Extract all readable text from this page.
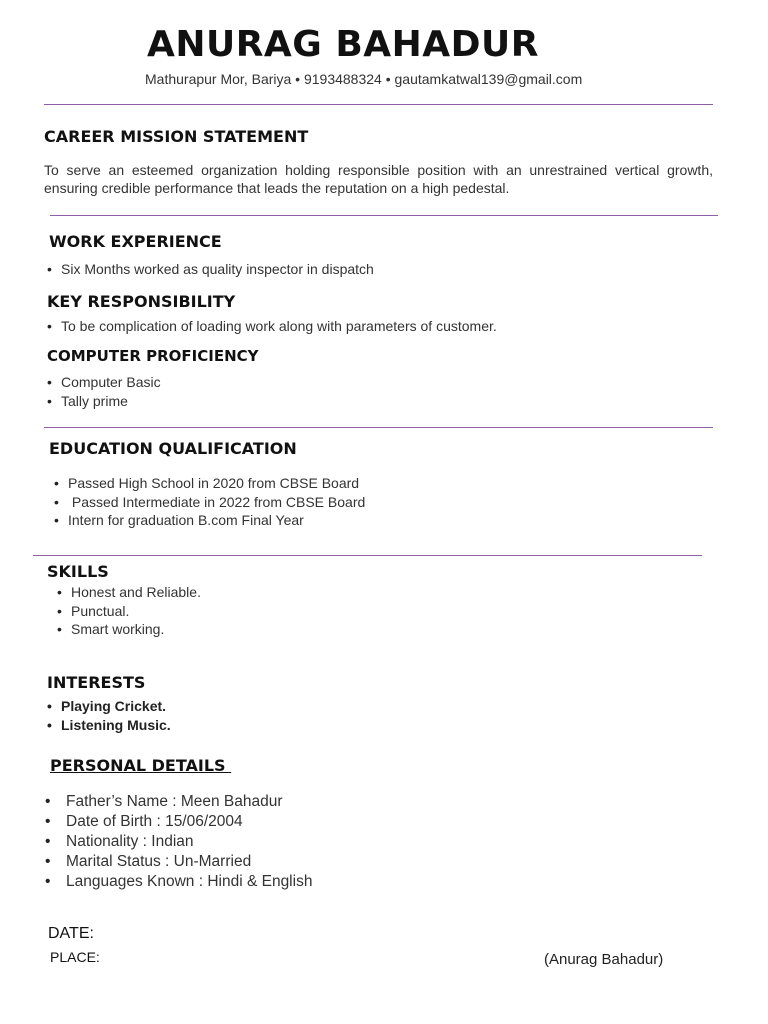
ANURAG BAHADUR
Mathurapur Mor, Bariya • 9193488324 • gautamkatwal139@gmail.com
CAREER MISSION STATEMENT
To serve an esteemed organization holding responsible position with an unrestrained vertical growth, ensuring credible performance that leads the reputation on a high pedestal.
WORK EXPERIENCE
• Six Months worked as quality inspector in dispatch
KEY RESPONSIBILITY
• To be complication of loading work along with parameters of customer.
COMPUTER PROFICIENCY
• Computer Basic
• Tally prime
EDUCATION QUALIFICATION
• Passed High School in 2020 from CBSE Board
•  Passed Intermediate in 2022 from CBSE Board
• Intern for graduation B.com Final Year
SKILLS
• Honest and Reliable.
• Punctual.
• Smart working.
INTERESTS
• Playing Cricket.
• Listening Music.
PERSONAL DETAILS
• Father’s Name : Meen Bahadur
• Date of Birth : 15/06/2004
• Nationality : Indian
• Marital Status : Un-Married
• Languages Known : Hindi & English
DATE:
PLACE:	(Anurag Bahadur)
